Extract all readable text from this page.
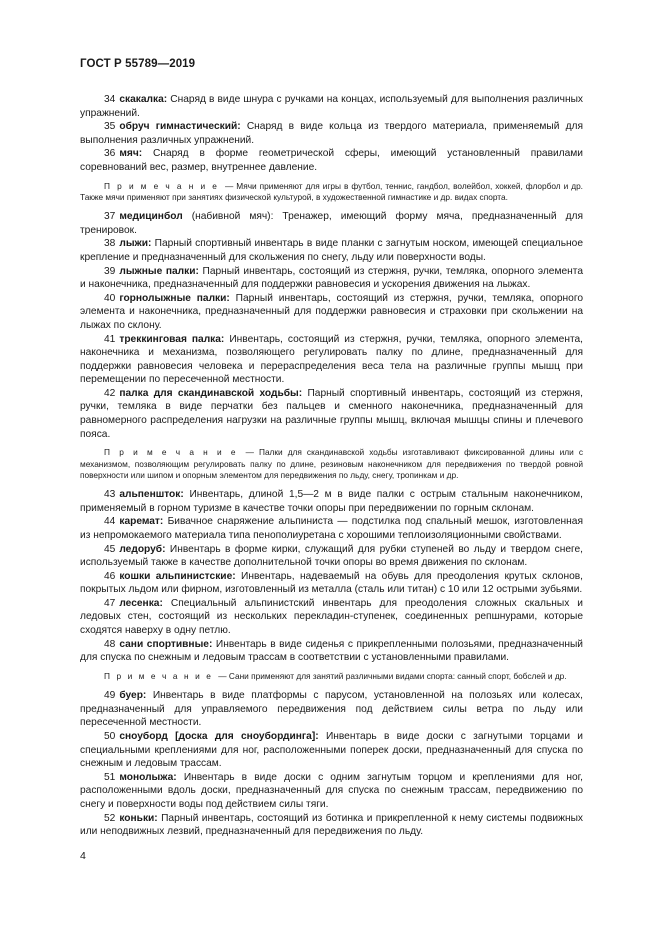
ГОСТ Р 55789—2019

34 скакалка: Снаряд в виде шнура с ручками на концах, используемый для выполнения различных упражнений.

35 обруч гимнастический: Снаряд в виде кольца из твердого материала, применяемый для выполнения различных упражнений.

36 мяч: Снаряд в форме геометрической сферы, имеющий установленный правилами соревнований вес, размер, внутреннее давление.

П р и м е ч а н и е — Мячи применяют для игры в футбол, теннис, гандбол, волейбол, хоккей, флорбол и др. Также мячи применяют при занятиях физической культурой, в художественной гимнастике и др. видах спорта.

37 медицинбол (набивной мяч): Тренажер, имеющий форму мяча, предназначенный для тренировок.

38 лыжи: Парный спортивный инвентарь в виде планки с загнутым носком, имеющей специальное крепление и предназначенный для скольжения по снегу, льду или поверхности воды.

39 лыжные палки: Парный инвентарь, состоящий из стержня, ручки, темляка, опорного элемента и наконечника, предназначенный для поддержки равновесия и ускорения движения на лыжах.

40 горнолыжные палки: Парный инвентарь, состоящий из стержня, ручки, темляка, опорного элемента и наконечника, предназначенный для поддержки равновесия и страховки при скольжении на лыжах по склону.

41 треккинговая палка: Инвентарь, состоящий из стержня, ручки, темляка, опорного элемента, наконечника и механизма, позволяющего регулировать палку по длине, предназначенный для поддержки равновесия человека и перераспределения веса тела на различные группы мышц при перемещении по пересеченной местности.

42 палка для скандинавской ходьбы: Парный спортивный инвентарь, состоящий из стержня, ручки, темляка в виде перчатки без пальцев и сменного наконечника, предназначенный для равномерного распределения нагрузки на различные группы мышц, включая мышцы спины и плечевого пояса.

П р и м е ч а н и е — Палки для скандинавской ходьбы изготавливают фиксированной длины или с механизмом, позволяющим регулировать палку по длине, резиновым наконечником для передвижения по твердой ровной поверхности или шипом и опорным элементом для передвижения по льду, снегу, тропинкам и др.

43 альпеншток: Инвентарь, длиной 1,5—2 м в виде палки с острым стальным наконечником, применяемый в горном туризме в качестве точки опоры при передвижении по горным склонам.

44 каремат: Бивачное снаряжение альпиниста — подстилка под спальный мешок, изготовленная из непромокаемого материала типа пенополиуретана с хорошими теплоизоляционными свойствами.

45 ледоруб: Инвентарь в форме кирки, служащий для рубки ступеней во льду и твердом снеге, используемый также в качестве дополнительной точки опоры во время движения по склонам.

46 кошки альпинистские: Инвентарь, надеваемый на обувь для преодоления крутых склонов, покрытых льдом или фирном, изготовленный из металла (сталь или титан) с 10 или 12 острыми зубьями.

47 лесенка: Специальный альпинистский инвентарь для преодоления сложных скальных и ледовых стен, состоящий из нескольких перекладин-ступенек, соединенных репшнурами, которые сходятся наверху в одну петлю.

48 сани спортивные: Инвентарь в виде сиденья с прикрепленными полозьями, предназначенный для спуска по снежным и ледовым трассам в соответствии с установленными правилами.

П р и м е ч а н и е — Сани применяют для занятий различными видами спорта: санный спорт, бобслей и др.

49 буер: Инвентарь в виде платформы с парусом, установленной на полозьях или колесах, предназначенный для управляемого передвижения под действием силы ветра по льду или пересеченной местности.

50 сноуборд [доска для сноубординга]: Инвентарь в виде доски с загнутыми торцами и специальными креплениями для ног, расположенными поперек доски, предназначенный для спуска по снежным и ледовым трассам.

51 монолыжа: Инвентарь в виде доски с одним загнутым торцом и креплениями для ног, расположенными вдоль доски, предназначенный для спуска по снежным трассам, передвижению по снегу и поверхности воды под действием силы тяги.

52 коньки: Парный инвентарь, состоящий из ботинка и прикрепленной к нему системы подвижных или неподвижных лезвий, предназначенный для передвижения по льду.

4
